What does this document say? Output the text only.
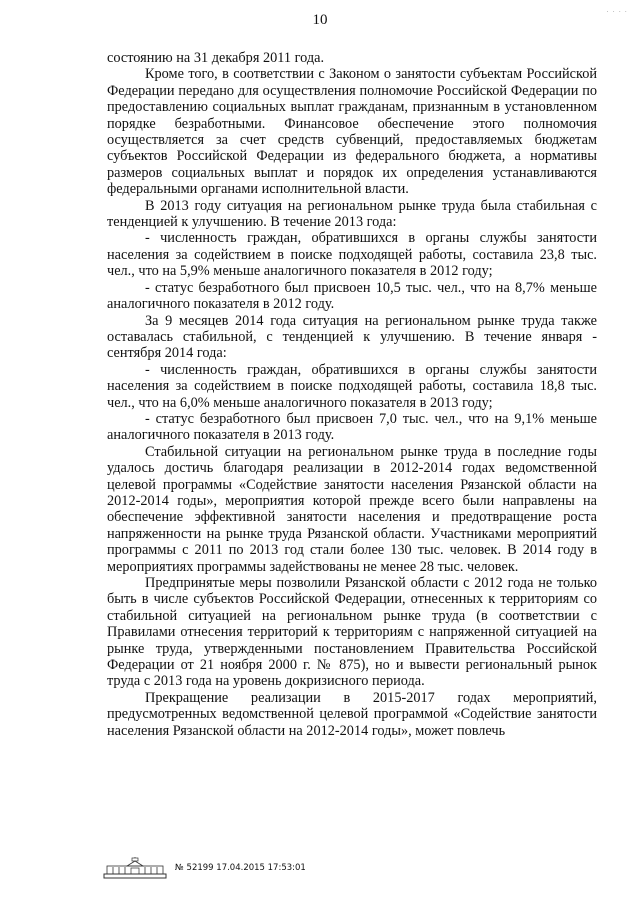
10	· · · ·

состоянию на 31 декабря 2011 года.

Кроме того, в соответствии с Законом о занятости субъектам Российской Федерации передано для осуществления полномочие Российской Федерации по предоставлению социальных выплат гражданам, признанным в установленном порядке безработными. Финансовое обеспечение этого полномочия осуществляется за счет средств субвенций, предоставляемых бюджетам субъектов Российской Федерации из федерального бюджета, а нормативы размеров социальных выплат и порядок их определения устанавливаются федеральными органами исполнительной власти.

В 2013 году ситуация на региональном рынке труда была стабильная с тенденцией к улучшению. В течение 2013 года:

- численность граждан, обратившихся в органы службы занятости населения за содействием в поиске подходящей работы, составила 23,8 тыс. чел., что на 5,9% меньше аналогичного показателя в 2012 году;

- статус безработного был присвоен 10,5 тыс. чел., что на 8,7% меньше аналогичного показателя в 2012 году.

За 9 месяцев 2014 года ситуация на региональном рынке труда также оставалась стабильной, с тенденцией к улучшению. В течение января - сентября 2014 года:

- численность граждан, обратившихся в органы службы занятости населения за содействием в поиске подходящей работы, составила 18,8 тыс. чел., что на 6,0% меньше аналогичного показателя в 2013 году;

- статус безработного был присвоен 7,0 тыс. чел., что на 9,1% меньше аналогичного показателя в 2013 году.

Стабильной ситуации на региональном рынке труда в последние годы удалось достичь благодаря реализации в 2012-2014 годах ведомственной целевой программы «Содействие занятости населения Рязанской области на 2012-2014 годы», мероприятия которой прежде всего были направлены на обеспечение эффективной занятости населения и предотвращение роста напряженности на рынке труда Рязанской области. Участниками мероприятий программы с 2011 по 2013 год стали более 130 тыс. человек. В 2014 году в мероприятиях программы задействованы не менее 28 тыс. человек.

Предпринятые меры позволили Рязанской области с 2012 года не только быть в числе субъектов Российской Федерации, отнесенных к территориям со стабильной ситуацией на региональном рынке труда (в соответствии с Правилами отнесения территорий к территориям с напряженной ситуацией на рынке труда, утвержденными постановлением Правительства Российской Федерации от 21 ноября 2000 г. № 875), но и вывести региональный рынок труда с 2013 года на уровень докризисного периода.

Прекращение реализации в 2015-2017 годах мероприятий, предусмотренных ведомственной целевой программой «Содействие занятости населения Рязанской области на 2012-2014 годы», может повлечь

№ 52199 17.04.2015 17:53:01
